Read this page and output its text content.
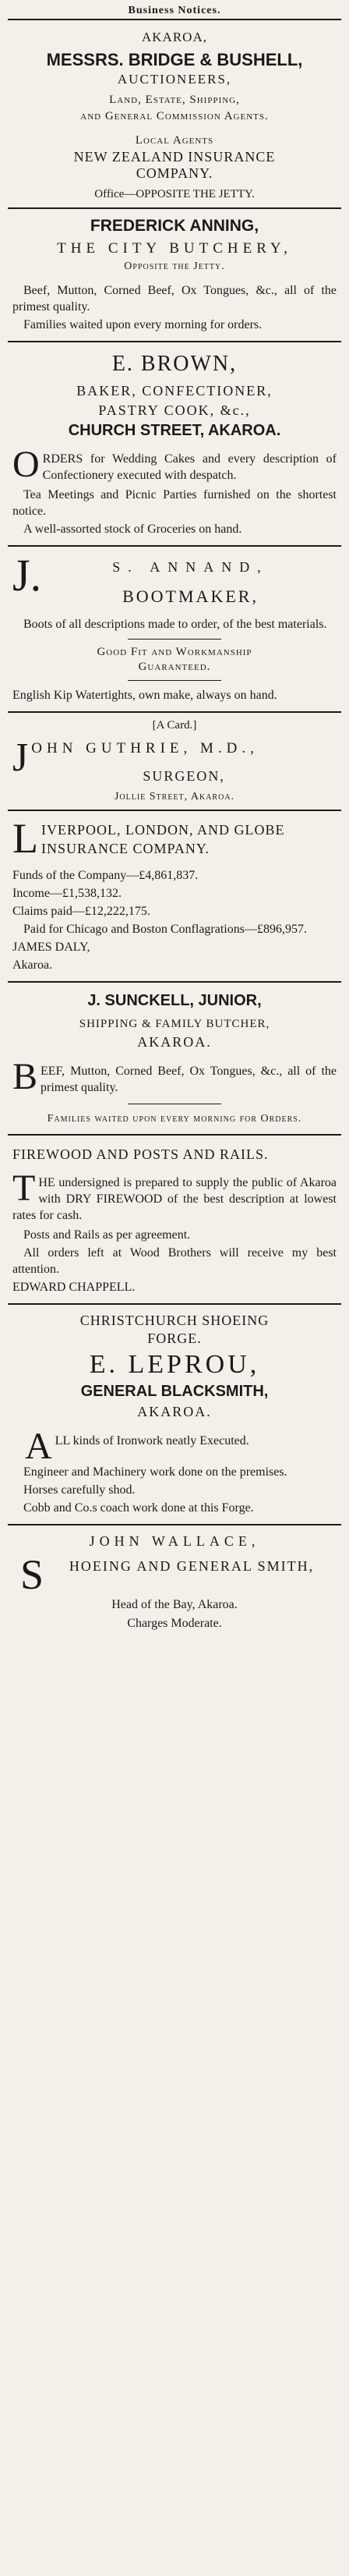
Business Notices.
AKAROA,
MESSRS. BRIDGE & BUSHELL,
AUCTIONEERS,
Land, Estate, Shipping,
and General Commission Agents.
Local Agents
NEW ZEALAND INSURANCE
COMPANY.
Office—OPPOSITE THE JETTY.
FREDERICK ANNING,
THE CITY BUTCHERY,
Opposite the Jetty.
Beef, Mutton, Corned Beef, Ox Tongues, &c., all of the primest quality.
Families waited upon every morning for orders.
E. BROWN,
BAKER, CONFECTIONER,
PASTRY COOK, &c.,
CHURCH STREET, AKAROA.
O RDERS for Wedding Cakes and every description of Confectionery executed with despatch.
Tea Meetings and Picnic Parties furnished on the shortest notice.
A well-assorted stock of Groceries on hand.
J.	S. ANNAND,
BOOTMAKER,
Boots of all descriptions made to order, of the best materials.
Good Fit and Workmanship
Guaranteed.
English Kip Watertights, own make, always on hand.
[A Card.]
J OHN GUTHRIE, M.D.,
SURGEON,
Jollie Street, Akaroa.
L IVERPOOL, LONDON, AND GLOBE INSURANCE COMPANY.
Funds of the Company—£4,861,837.
Income—£1,538,132.
Claims paid—£12,222,175.
Paid for Chicago and Boston Conflagrations—£896,957.
JAMES DALY,
Akaroa.
J. SUNCKELL, JUNIOR,
SHIPPING & FAMILY BUTCHER,
AKAROA.
B EEF, Mutton, Corned Beef, Ox Tongues, &c., all of the primest quality.
Families waited upon every morning for Orders.
FIREWOOD AND POSTS AND RAILS.
T HE undersigned is prepared to supply the public of Akaroa with DRY FIREWOOD of the best description at lowest rates for cash.
Posts and Rails as per agreement.
All orders left at Wood Brothers will receive my best attention.
EDWARD CHAPPELL.
CHRISTCHURCH SHOEING
FORGE.
E. LEPROU,
GENERAL BLACKSMITH,
AKAROA.
A LL kinds of Ironwork neatly Executed.
Engineer and Machinery work done on the premises.
Horses carefully shod.
Cobb and Co.s coach work done at this Forge.
JOHN WALLACE,
S	HOEING AND GENERAL SMITH,
Head of the Bay, Akaroa.
Charges Moderate.
